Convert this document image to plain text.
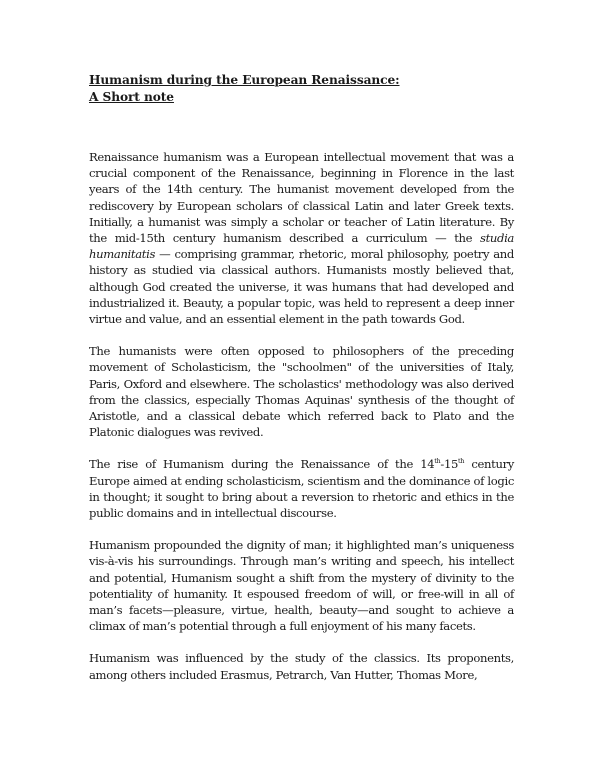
Humanism during the European Renaissance:
A Short note

Renaissance humanism was a European intellectual movement that was a crucial component of the Renaissance, beginning in Florence in the last years of the 14th century. The humanist movement developed from the rediscovery by European scholars of classical Latin and later Greek texts. Initially, a humanist was simply a scholar or teacher of Latin literature. By the mid-15th century humanism described a curriculum — the studia humanitatis — comprising grammar, rhetoric, moral philosophy, poetry and history as studied via classical authors. Humanists mostly believed that, although God created the universe, it was humans that had developed and industrialized it. Beauty, a popular topic, was held to represent a deep inner virtue and value, and an essential element in the path towards God.

The humanists were often opposed to philosophers of the preceding movement of Scholasticism, the "schoolmen" of the universities of Italy, Paris, Oxford and elsewhere. The scholastics' methodology was also derived from the classics, especially Thomas Aquinas' synthesis of the thought of Aristotle, and a classical debate which referred back to Plato and the Platonic dialogues was revived.

The rise of Humanism during the Renaissance of the 14th-15th century Europe aimed at ending scholasticism, scientism and the dominance of logic in thought; it sought to bring about a reversion to rhetoric and ethics in the public domains and in intellectual discourse.

Humanism propounded the dignity of man; it highlighted man’s uniqueness vis-à-vis his surroundings. Through man’s writing and speech, his intellect and potential, Humanism sought a shift from the mystery of divinity to the potentiality of humanity. It espoused freedom of will, or free-will in all of man’s facets—pleasure, virtue, health, beauty—and sought to achieve a climax of man’s potential through a full enjoyment of his many facets.

Humanism was influenced by the study of the classics. Its proponents, among others included Erasmus, Petrarch, Van Hutter, Thomas More,
